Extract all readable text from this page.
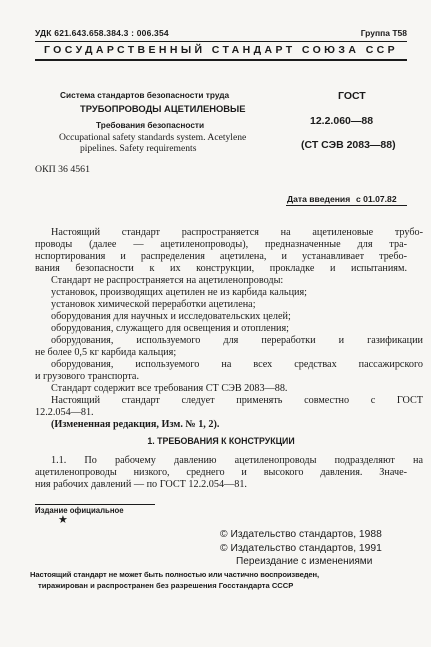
УДК 621.643.658.384.3 : 006.354	Группа Т58
ГОСУДАРСТВЕННЫЙ СТАНДАРТ СОЮЗА ССР
Система стандартов безопасности труда
ТРУБОПРОВОДЫ АЦЕТИЛЕНОВЫЕ
Требования безопасности
Occupational safety standards system. Acetylene
pipelines. Safety requirements
ГОСТ
12.2.060—88
(СТ СЭВ 2083—88)
ОКП 36 4561
Дата введения с 01.07.82
Настоящий стандарт распространяется на ацетиленовые трубо-
проводы (далее — ацетиленопроводы), предназначенные для тра-
нспортирования и распределения ацетилена, и устанавливает требо-
вания безопасности к их конструкции, прокладке и испытаниям.
Стандарт не распространяется на ацетиленопроводы:
установок, производящих ацетилен не из карбида кальция;
установок химической переработки ацетилена;
оборудования для научных и исследовательских целей;
оборудования, служащего для освещения и отопления;
оборудования, используемого для переработки и газификации
не более 0,5 кг карбида кальция;
оборудования, используемого на всех средствах пассажирского
и грузового транспорта.
Стандарт содержит все требования СТ СЭВ 2083—88.
Настоящий стандарт следует применять совместно с ГОСТ
12.2.054—81.
(Измененная редакция, Изм. № 1, 2).
1. ТРЕБОВАНИЯ К КОНСТРУКЦИИ
1.1. По рабочему давлению ацетиленопроводы подразделяют на
ацетиленопроводы низкого, среднего и высокого давления. Значе-
ния рабочих давлений — по ГОСТ 12.2.054—81.
Издание официальное
★
© Издательство стандартов, 1988
© Издательство стандартов, 1991
Переиздание с изменениями
Настоящий стандарт не может быть полностью или частично воспроизведен,
тиражирован и распространен без разрешения Госстандарта СССР
